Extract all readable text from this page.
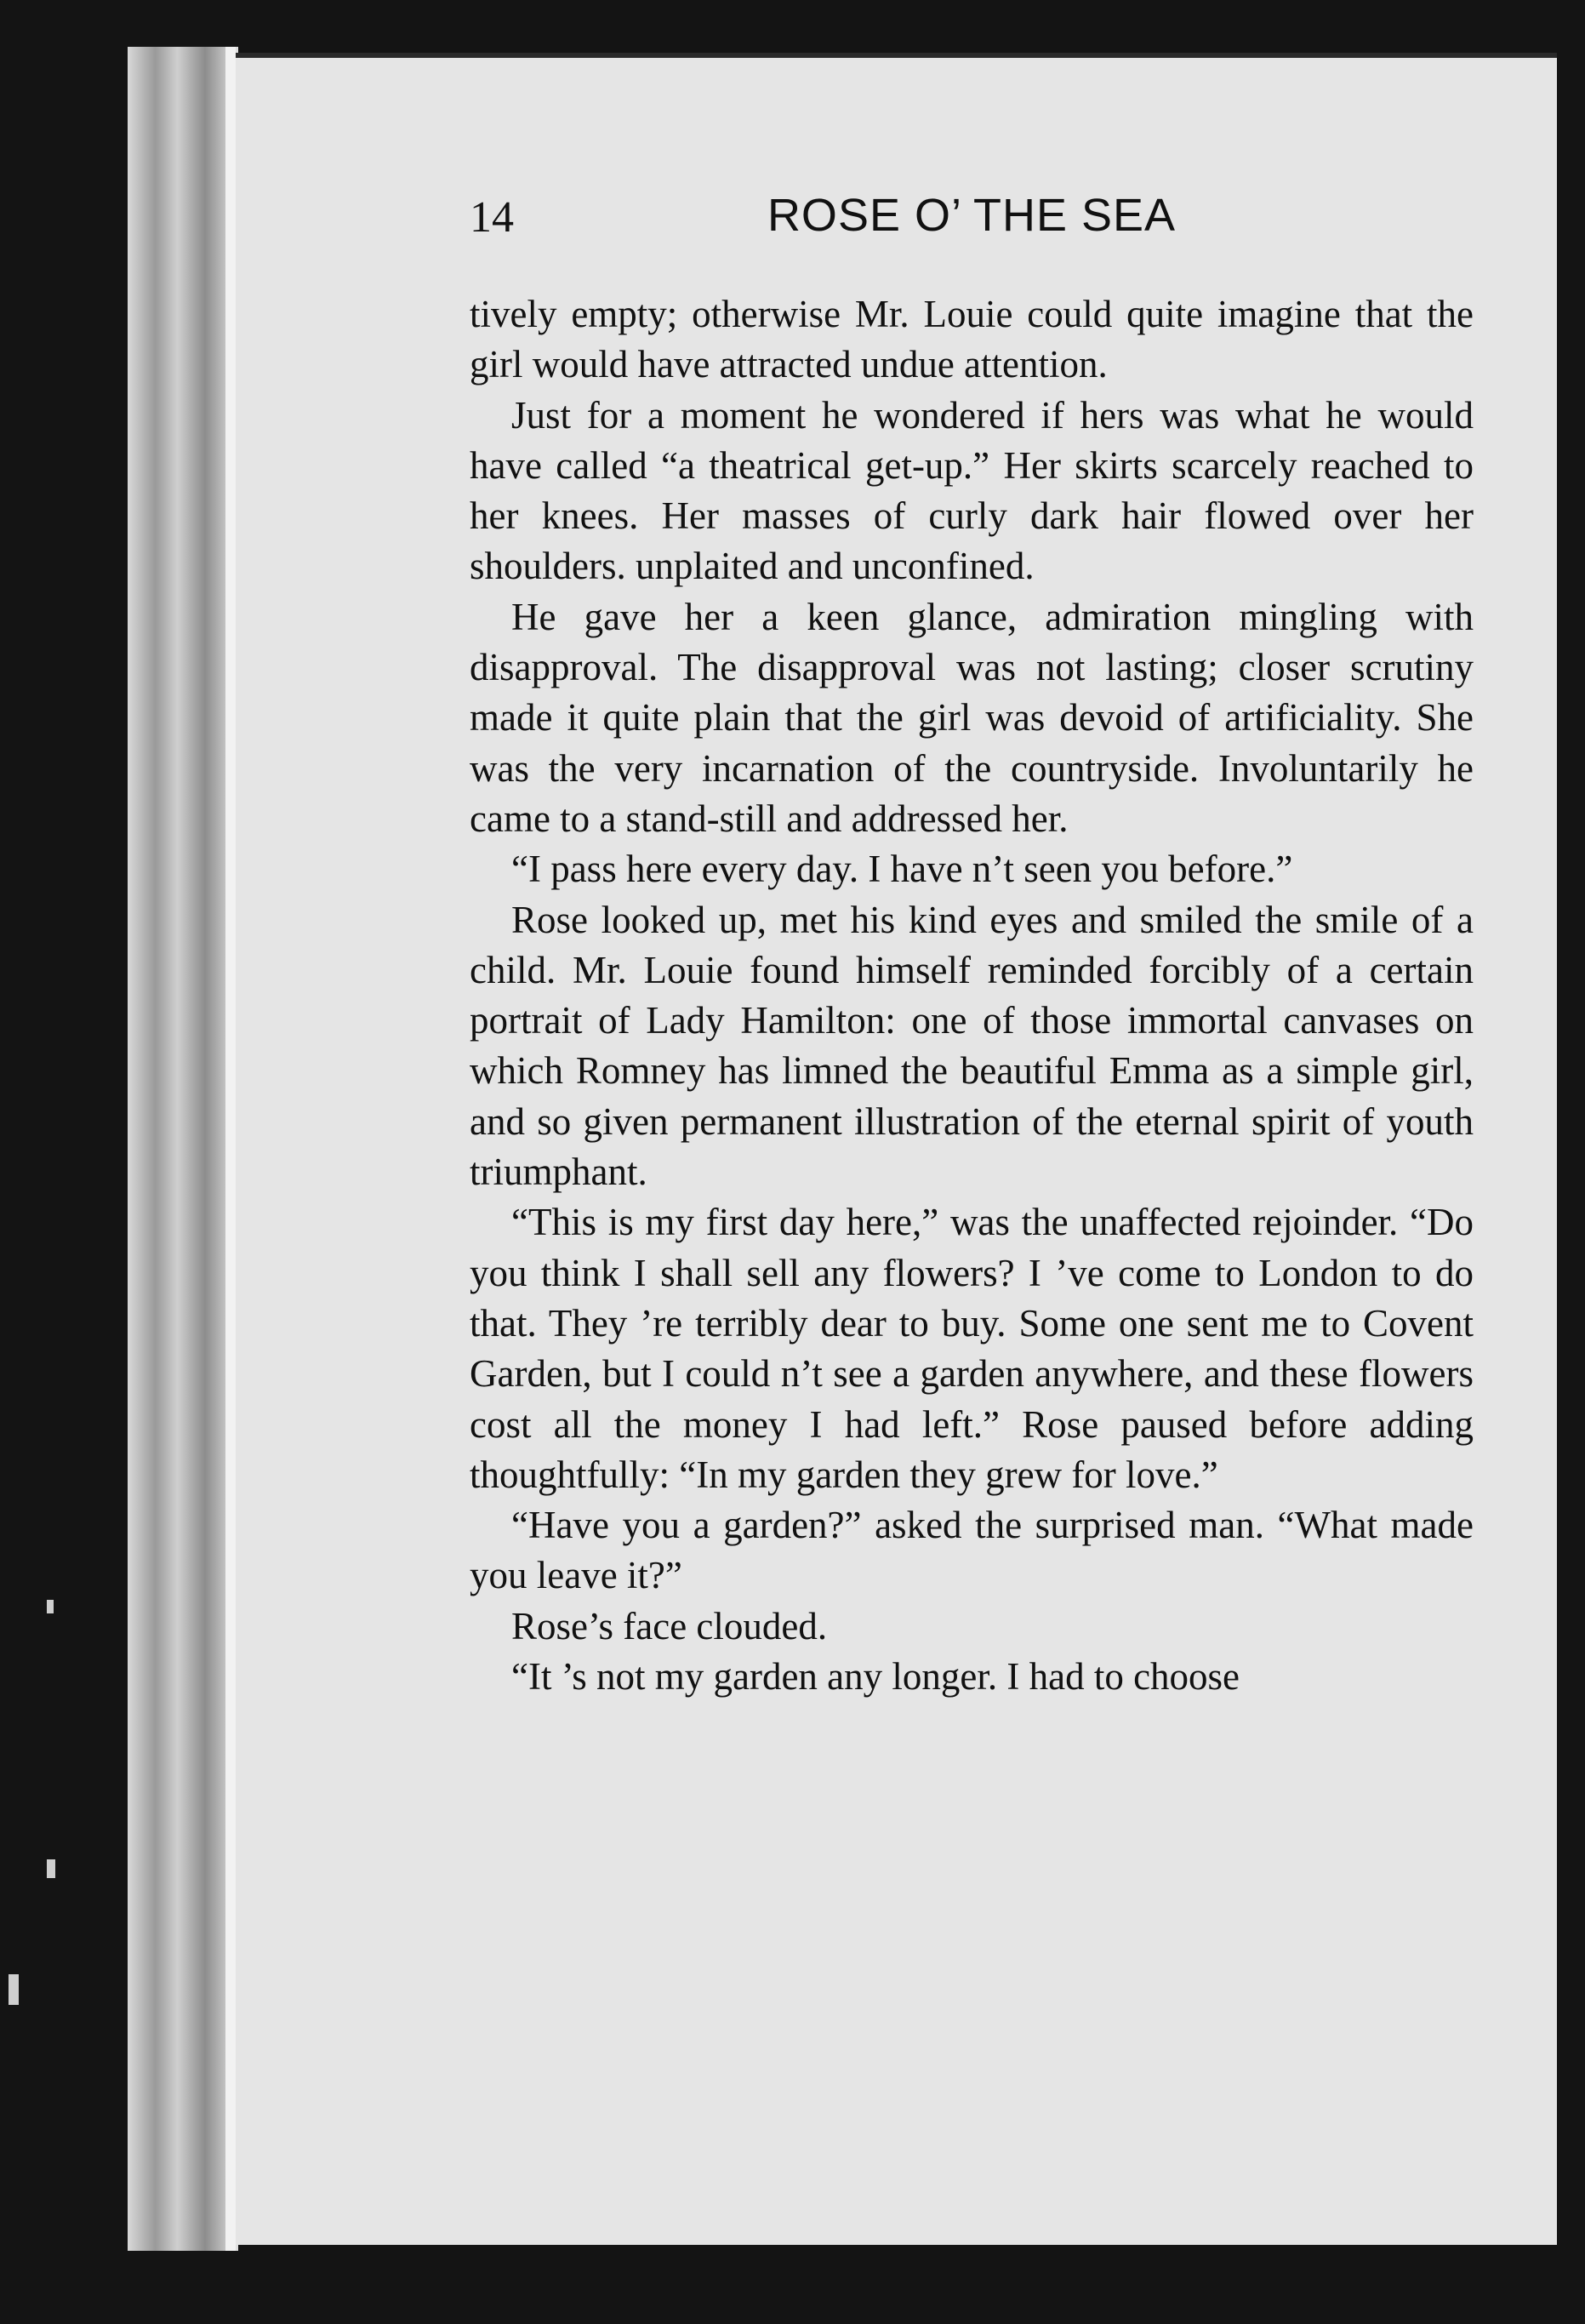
14	ROSE O’ THE SEA

tively empty; otherwise Mr. Louie could quite imagine that the girl would have attracted undue attention.

Just for a moment he wondered if hers was what he would have called “a theatrical get-up.” Her skirts scarcely reached to her knees. Her masses of curly dark hair flowed over her shoulders. unplaited and unconfined.

He gave her a keen glance, admiration mingling with disapproval. The disapproval was not lasting; closer scrutiny made it quite plain that the girl was devoid of artificiality. She was the very incarnation of the countryside. Involuntarily he came to a stand-still and addressed her.

“I pass here every day. I have n’t seen you before.”

Rose looked up, met his kind eyes and smiled the smile of a child. Mr. Louie found himself reminded forcibly of a certain portrait of Lady Hamilton: one of those immortal canvases on which Romney has limned the beautiful Emma as a simple girl, and so given permanent illustration of the eternal spirit of youth triumphant.

“This is my first day here,” was the unaffected rejoinder. “Do you think I shall sell any flowers? I ’ve come to London to do that. They ’re terribly dear to buy. Some one sent me to Covent Garden, but I could n’t see a garden anywhere, and these flowers cost all the money I had left.” Rose paused before adding thoughtfully: “In my garden they grew for love.”

“Have you a garden?” asked the surprised man. “What made you leave it?”

Rose’s face clouded.

“It ’s not my garden any longer. I had to choose
